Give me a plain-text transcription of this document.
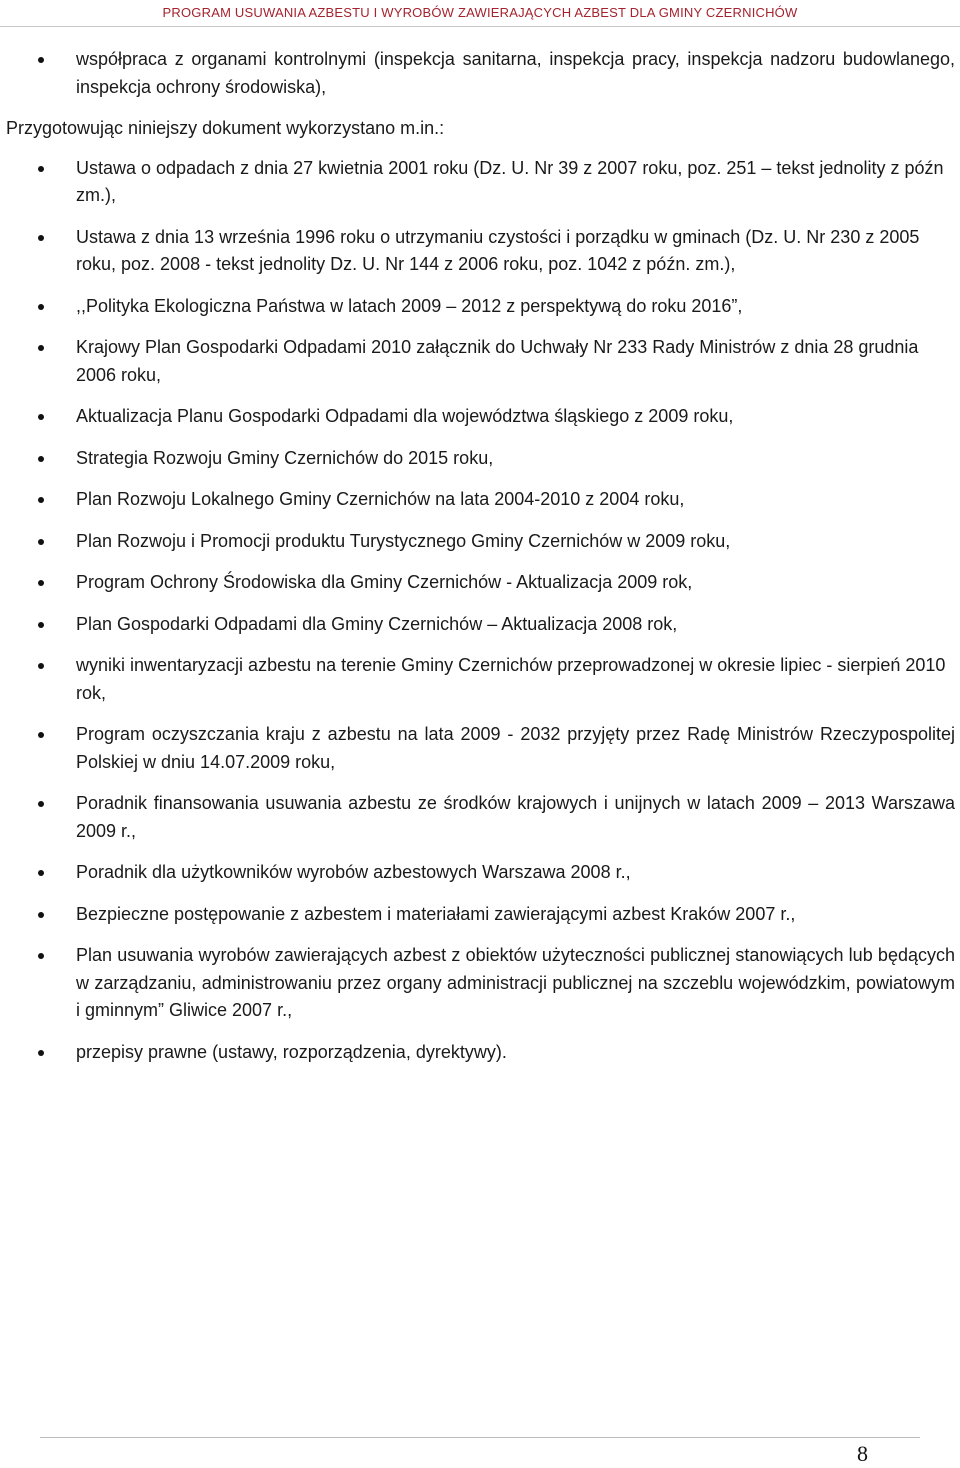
PROGRAM USUWANIA AZBESTU I WYROBÓW ZAWIERAJĄCYCH AZBEST DLA GMINY CZERNICHÓW
współpraca z organami kontrolnymi (inspekcja sanitarna, inspekcja pracy, inspekcja nadzoru budowlanego, inspekcja ochrony środowiska),

Przygotowując niniejszy dokument wykorzystano m.in.:

Ustawa o odpadach z dnia 27 kwietnia 2001 roku (Dz. U. Nr 39 z 2007 roku, poz. 251 – tekst jednolity z późn zm.),
Ustawa z dnia 13 września 1996 roku o utrzymaniu czystości i porządku w gminach (Dz. U. Nr 230 z 2005 roku, poz. 2008 - tekst jednolity Dz. U. Nr 144 z 2006 roku, poz. 1042 z późn. zm.),
,,Polityka Ekologiczna Państwa w latach 2009 – 2012 z perspektywą do roku 2016”,
Krajowy Plan Gospodarki Odpadami 2010 załącznik do Uchwały Nr 233 Rady Ministrów z dnia 28 grudnia 2006 roku,
Aktualizacja Planu Gospodarki Odpadami dla województwa śląskiego z 2009 roku,
Strategia Rozwoju Gminy Czernichów do 2015 roku,
Plan Rozwoju Lokalnego Gminy Czernichów na lata 2004-2010 z 2004 roku,
Plan Rozwoju i Promocji produktu Turystycznego Gminy Czernichów w 2009 roku,
Program Ochrony Środowiska dla Gminy Czernichów - Aktualizacja 2009 rok,
Plan Gospodarki Odpadami dla Gminy Czernichów – Aktualizacja 2008 rok,
wyniki inwentaryzacji azbestu na terenie Gminy Czernichów przeprowadzonej w okresie lipiec - sierpień 2010 rok,
Program oczyszczania kraju z azbestu na lata 2009 - 2032 przyjęty przez Radę Ministrów Rzeczypospolitej Polskiej w dniu 14.07.2009 roku,
Poradnik finansowania usuwania azbestu ze środków krajowych i unijnych w latach 2009 – 2013 Warszawa 2009 r.,
Poradnik dla użytkowników wyrobów azbestowych Warszawa 2008 r.,
Bezpieczne postępowanie z azbestem i materiałami zawierającymi azbest Kraków 2007 r.,
Plan usuwania wyrobów zawierających azbest z obiektów użyteczności publicznej stanowiących lub będących w zarządzaniu, administrowaniu przez organy administracji publicznej na szczeblu wojewódzkim, powiatowym i gminnym” Gliwice 2007 r.,
przepisy prawne (ustawy, rozporządzenia, dyrektywy).
8
